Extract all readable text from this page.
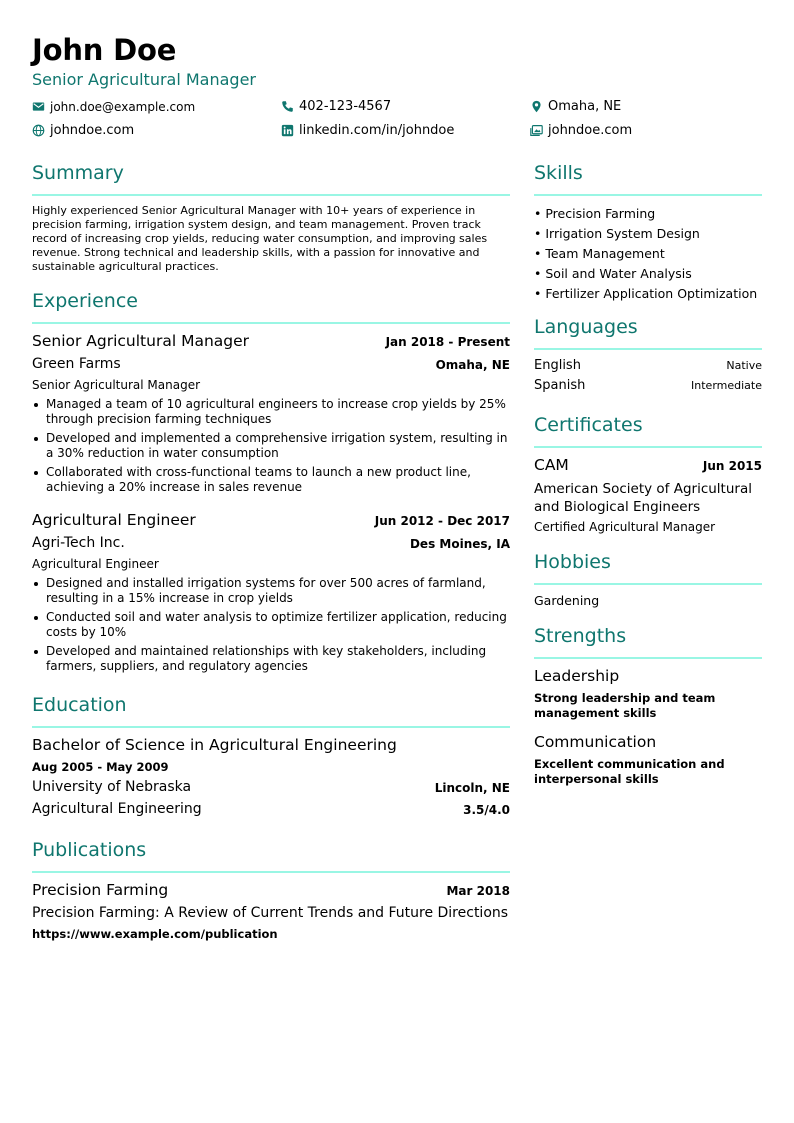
John Doe
Senior Agricultural Manager
john.doe@example.com	402-123-4567	Omaha, NE
johndoe.com	linkedin.com/in/johndoe	johndoe.com
Summary
Highly experienced Senior Agricultural Manager with 10+ years of experience in
precision farming, irrigation system design, and team management. Proven track
record of increasing crop yields, reducing water consumption, and improving sales
revenue. Strong technical and leadership skills, with a passion for innovative and
sustainable agricultural practices.
Experience
Senior Agricultural Manager	Jan 2018 - Present
Green Farms	Omaha, NE
Senior Agricultural Manager
Managed a team of 10 agricultural engineers to increase crop yields by 25% through precision farming techniques
Developed and implemented a comprehensive irrigation system, resulting in a 30% reduction in water consumption
Collaborated with cross-functional teams to launch a new product line, achieving a 20% increase in sales revenue
Agricultural Engineer	Jun 2012 - Dec 2017
Agri-Tech Inc.	Des Moines, IA
Agricultural Engineer
Designed and installed irrigation systems for over 500 acres of farmland, resulting in a 15% increase in crop yields
Conducted soil and water analysis to optimize fertilizer application, reducing costs by 10%
Developed and maintained relationships with key stakeholders, including farmers, suppliers, and regulatory agencies
Education
Bachelor of Science in Agricultural Engineering
Aug 2005 - May 2009
University of Nebraska	Lincoln, NE
Agricultural Engineering	3.5/4.0
Publications
Precision Farming	Mar 2018
Precision Farming: A Review of Current Trends and Future Directions
https://www.example.com/publication
Skills
• Precision Farming
• Irrigation System Design
• Team Management
• Soil and Water Analysis
• Fertilizer Application Optimization
Languages
English	Native
Spanish	Intermediate
Certificates
CAM	Jun 2015
American Society of Agricultural
and Biological Engineers
Certified Agricultural Manager
Hobbies
Gardening
Strengths
Leadership
Strong leadership and team
management skills
Communication
Excellent communication and
interpersonal skills
